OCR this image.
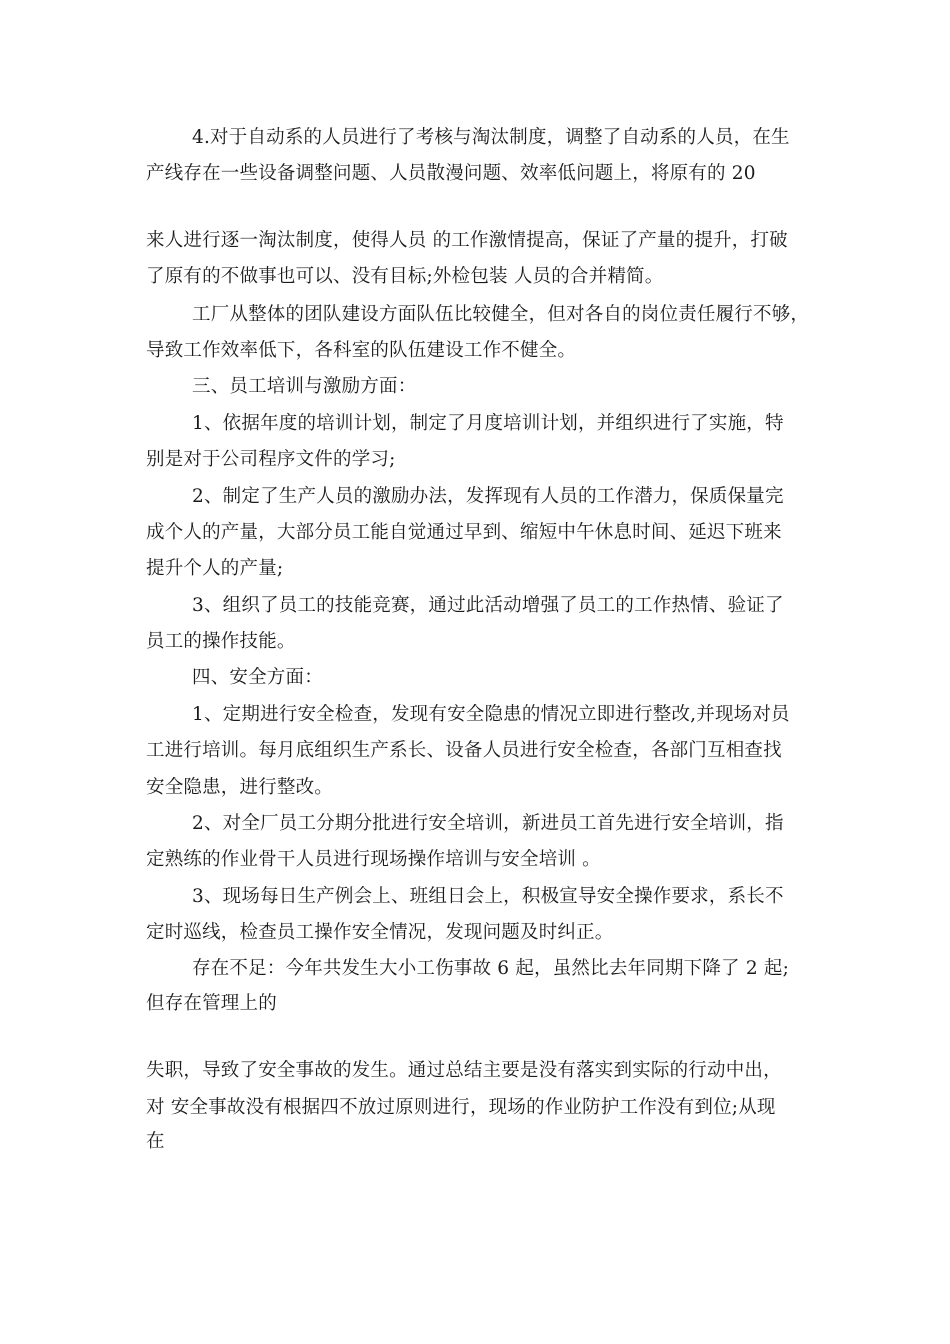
4.对于自动系的人员进行了考核与淘汰制度，调整了自动系的人员，在生
产线存在一些设备调整问题、人员散漫问题、效率低问题上，将原有的 20
来人进行逐一淘汰制度，使得人员 的工作激情提高，保证了产量的提升，打破
了原有的不做事也可以、没有目标;外检包装 人员的合并精简。
工厂从整体的团队建设方面队伍比较健全，但对各自的岗位责任履行不够，
导致工作效率低下，各科室的队伍建设工作不健全。
三、员工培训与激励方面：
1、依据年度的培训计划，制定了月度培训计划，并组织进行了实施，特
别是对于公司程序文件的学习;
2、制定了生产人员的激励办法，发挥现有人员的工作潜力，保质保量完
成个人的产量，大部分员工能自觉通过早到、缩短中午休息时间、延迟下班来
提升个人的产量;
3、组织了员工的技能竞赛，通过此活动增强了员工的工作热情、验证了
员工的操作技能。
四、安全方面：
1、定期进行安全检查，发现有安全隐患的情况立即进行整改,并现场对员
工进行培训。每月底组织生产系长、设备人员进行安全检查，各部门互相查找
安全隐患，进行整改。
2、对全厂员工分期分批进行安全培训，新进员工首先进行安全培训，指
定熟练的作业骨干人员进行现场操作培训与安全培训 。
3、现场每日生产例会上、班组日会上，积极宣导安全操作要求，系长不
定时巡线，检查员工操作安全情况，发现问题及时纠正。
存在不足：今年共发生大小工伤事故 6 起，虽然比去年同期下降了 2 起;
但存在管理上的
失职，导致了安全事故的发生。通过总结主要是没有落实到实际的行动中出，
对 安全事故没有根据四不放过原则进行，现场的作业防护工作没有到位;从现
在
